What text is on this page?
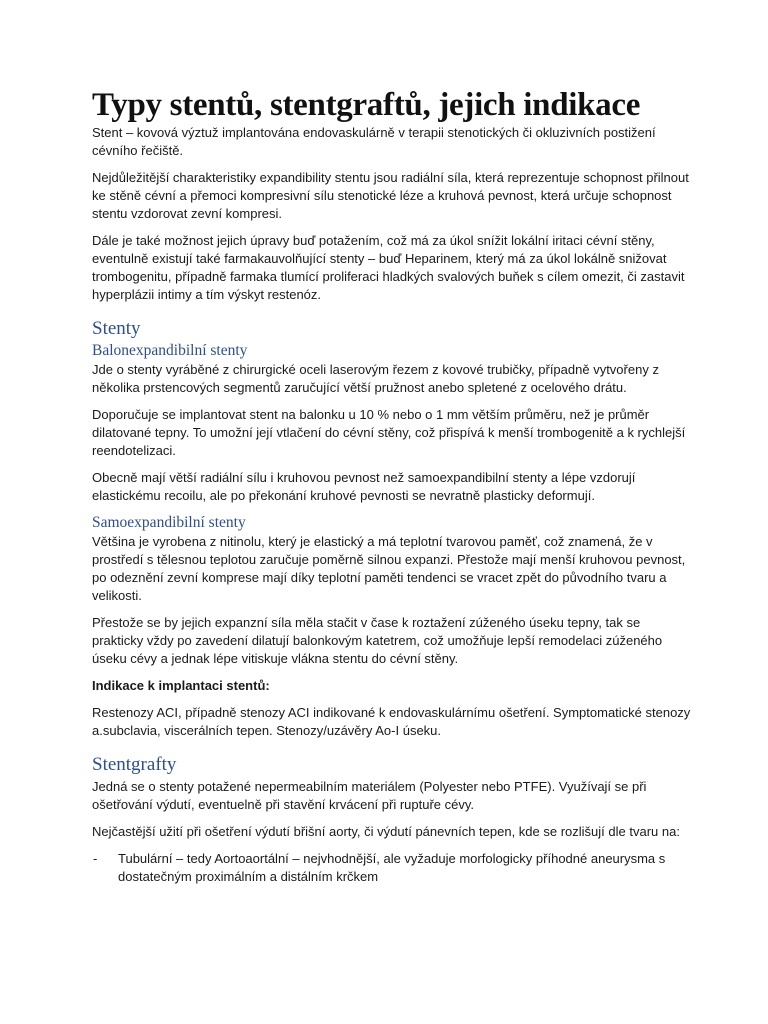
Typy stentů, stentgraftů, jejich indikace

Stent – kovová výztuž implantována endovaskulárně v terapii stenotických či okluzivních postižení cévního řečiště.

Nejdůležitější charakteristiky expandibility stentu jsou radiální síla, která reprezentuje schopnost přilnout ke stěně cévní a přemoci kompresivní sílu stenotické léze a kruhová pevnost, která určuje schopnost stentu vzdorovat zevní kompresi.

Dále je také možnost jejich úpravy buď potažením, což má za úkol snížit lokální iritaci cévní stěny, eventulně existují také farmakauvolňující stenty – buď Heparinem, který má za úkol lokálně snižovat trombogenitu, případně farmaka tlumící proliferaci hladkých svalových buňek s cílem omezit, či zastavit hyperplázii intimy a tím výskyt restenóz.

Stenty
Balonexpandibilní stenty

Jde o stenty vyráběné z chirurgické oceli laserovým řezem z kovové trubičky, případně vytvořeny z několika prstencových segmentů zaručující větší pružnost anebo spletené z ocelového drátu.

Doporučuje se implantovat stent na balonku u 10 % nebo o 1 mm větším průměru, než je průměr dilatované tepny. To umožní její vtlačení do cévní stěny, což přispívá k menší trombogenitě a k rychlejší reendotelizaci.

Obecně mají větší radiální sílu i kruhovou pevnost než samoexpandibilní stenty a lépe vzdorují elastickému recoilu, ale po překonání kruhové pevnosti se nevratně plasticky deformují.

Samoexpandibilní stenty

Většina je vyrobena z nitinolu, který je elastický a má teplotní tvarovou paměť, což znamená, že v prostředí s tělesnou teplotou zaručuje poměrně silnou expanzi. Přestože mají menší kruhovou pevnost, po odeznění zevní komprese mají díky teplotní paměti tendenci se vracet zpět do původního tvaru a velikosti.

Přestože se by jejich expanzní síla měla stačit v čase k roztažení zúženého úseku tepny, tak se prakticky vždy po zavedení dilatují balonkovým katetrem, což umožňuje lepší remodelaci zúženého úseku cévy a jednak lépe vitiskuje vlákna stentu do cévní stěny.

Indikace k implantaci stentů:

Restenozy ACI, případně stenozy ACI indikované k endovaskulárnímu ošetření. Symptomatické stenozy a.subclavia, viscerálních tepen. Stenozy/uzávěry Ao-I úseku.

Stentgrafty

Jedná se o stenty potažené nepermeabilním materiálem (Polyester nebo PTFE). Využívají se při ošetřování výdutí, eventuelně při stavění krvácení při ruptuře cévy.

Nejčastější užití při ošetření výdutí břišní aorty, či výdutí pánevních tepen, kde se rozlišují dle tvaru na:

- Tubulární – tedy Aortoaortální – nejvhodnější, ale vyžaduje morfologicky příhodné aneurysma s dostatečným proximálním a distálním krčkem
